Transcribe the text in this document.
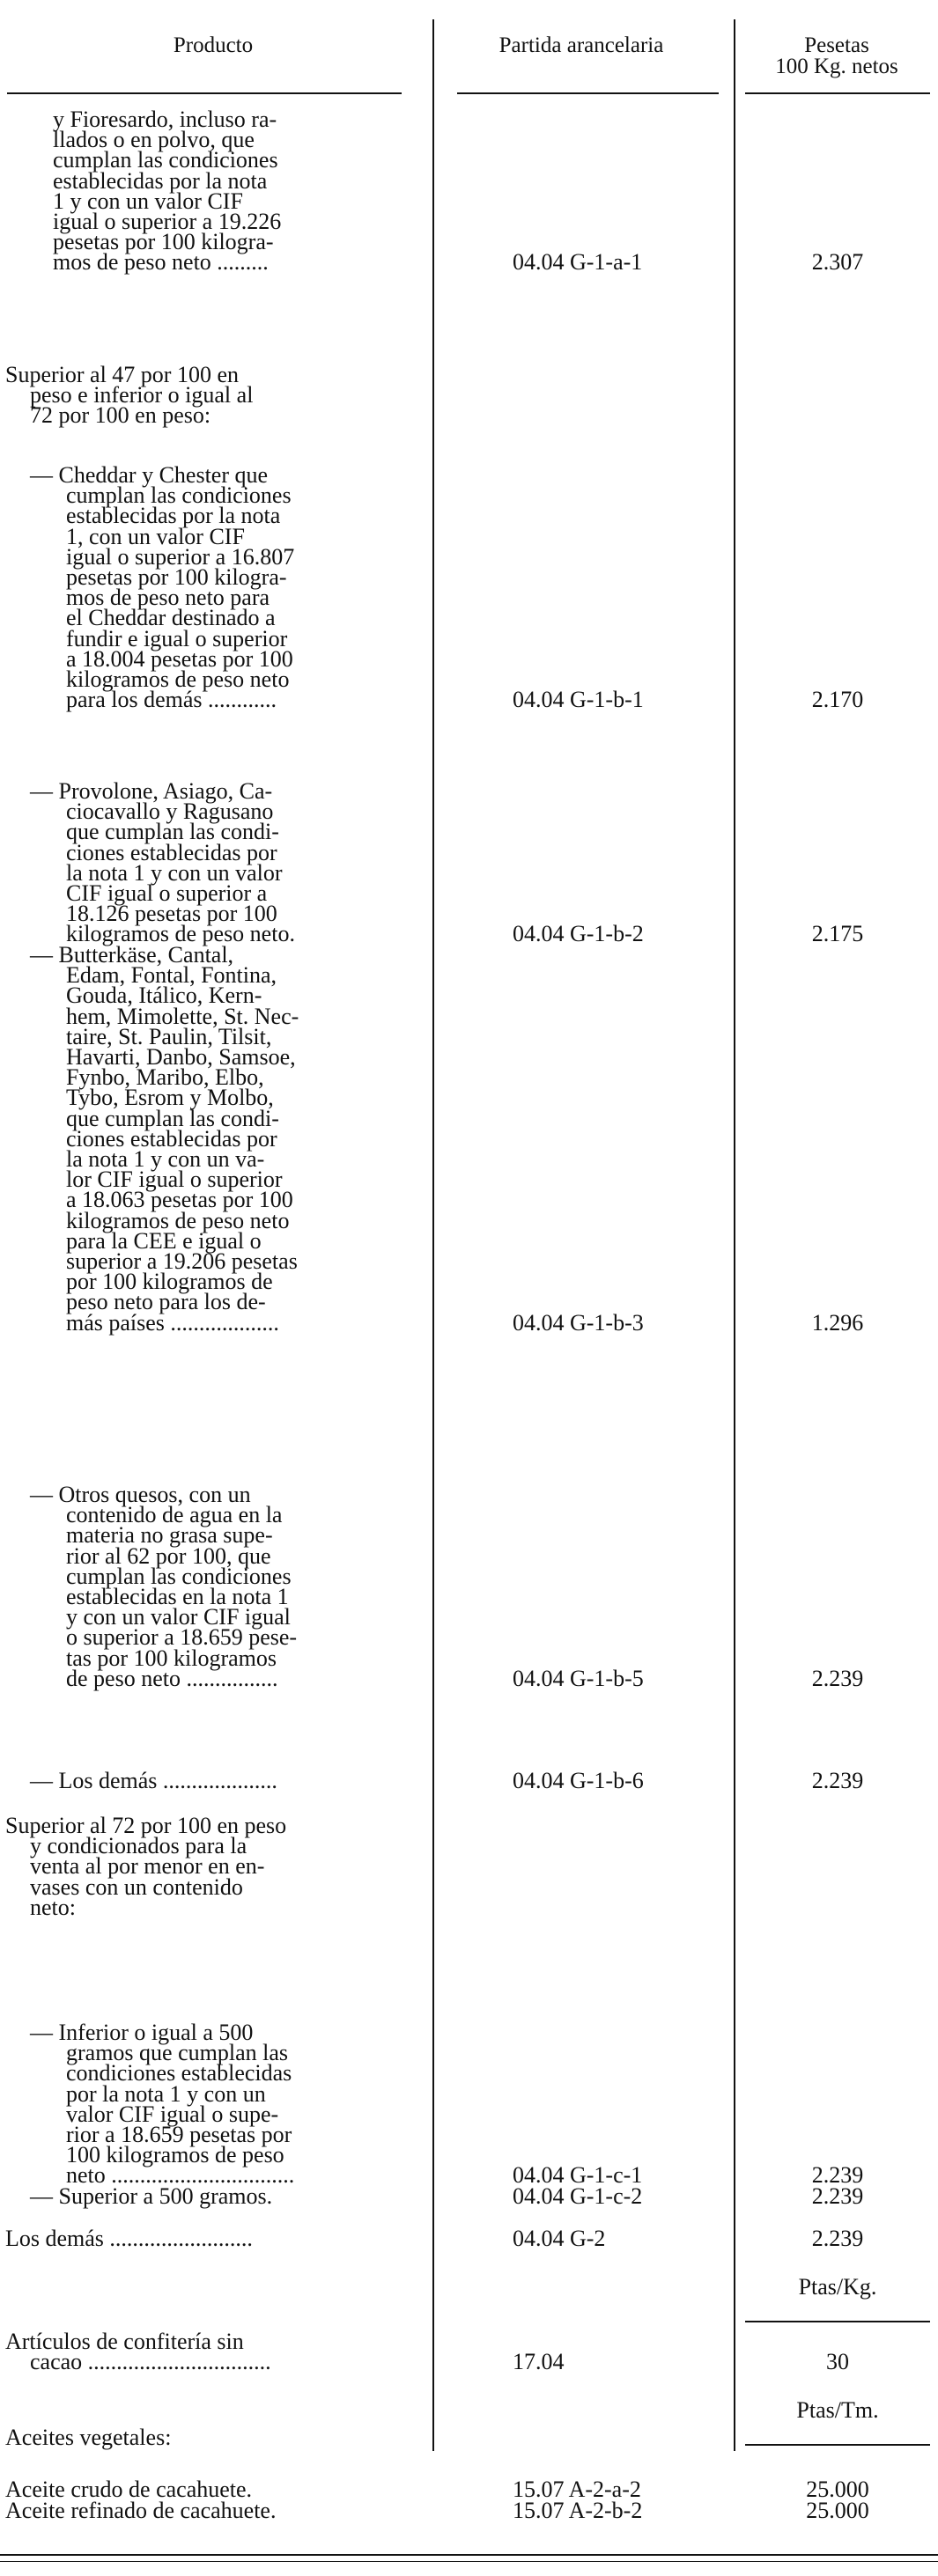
Producto	Partida arancelaria	Pesetas
100 Kg. netos
y Fioresardo, incluso ra-
llados o en polvo, que
cumplan las condiciones
establecidas por la nota
1 y con un valor CIF
igual o superior a 19.226
pesetas por 100 kilogra-
mos de peso neto .........	04.04 G-1-a-1	2.307
Superior al 47 por 100 en
peso e inferior o igual al
72 por 100 en peso:
— Cheddar y Chester que
cumplan las condiciones
establecidas por la nota
1, con un valor CIF
igual o superior a 16.807
pesetas por 100 kilogra-
mos de peso neto para
el Cheddar destinado a
fundir e igual o superior
a 18.004 pesetas por 100
kilogramos de peso neto
para los demás ............	04.04 G-1-b-1	2.170
— Provolone, Asiago, Ca-
ciocavallo y Ragusano
que cumplan las condi-
ciones establecidas por
la nota 1 y con un valor
CIF igual o superior a
18.126 pesetas por 100
kilogramos de peso neto.	04.04 G-1-b-2	2.175
— Butterkäse, Cantal,
Edam, Fontal, Fontina,
Gouda, Itálico, Kern-
hem, Mimolette, St. Nec-
taire, St. Paulin, Tilsit,
Havarti, Danbo, Samsoe,
Fynbo, Maribo, Elbo,
Tybo, Esrom y Molbo,
que cumplan las condi-
ciones establecidas por
la nota 1 y con un va-
lor CIF igual o superior
a 18.063 pesetas por 100
kilogramos de peso neto
para la CEE e igual o
superior a 19.206 pesetas
por 100 kilogramos de
peso neto para los de-
más países ...................	04.04 G-1-b-3	1.296
— Otros quesos, con un
contenido de agua en la
materia no grasa supe-
rior al 62 por 100, que
cumplan las condiciones
establecidas en la nota 1
y con un valor CIF igual
o superior a 18.659 pese-
tas por 100 kilogramos
de peso neto ................	04.04 G-1-b-5	2.239
— Los demás ....................	04.04 G-1-b-6	2.239
Superior al 72 por 100 en peso
y condicionados para la
venta al por menor en en-
vases con un contenido
neto:
— Inferior o igual a 500
gramos que cumplan las
condiciones establecidas
por la nota 1 y con un
valor CIF igual o supe-
rior a 18.659 pesetas por
100 kilogramos de peso
neto ................................	04.04 G-1-c-1	2.239
— Superior a 500 gramos.	04.04 G-1-c-2	2.239
Los demás .........................	04.04 G-2	2.239
Ptas/Kg.
Artículos de confitería sin
cacao ................................	17.04	30
Ptas/Tm.
Aceites vegetales:
Aceite crudo de cacahuete.	15.07 A-2-a-2	25.000
Aceite refinado de cacahuete.	15.07 A-2-b-2	25.000
